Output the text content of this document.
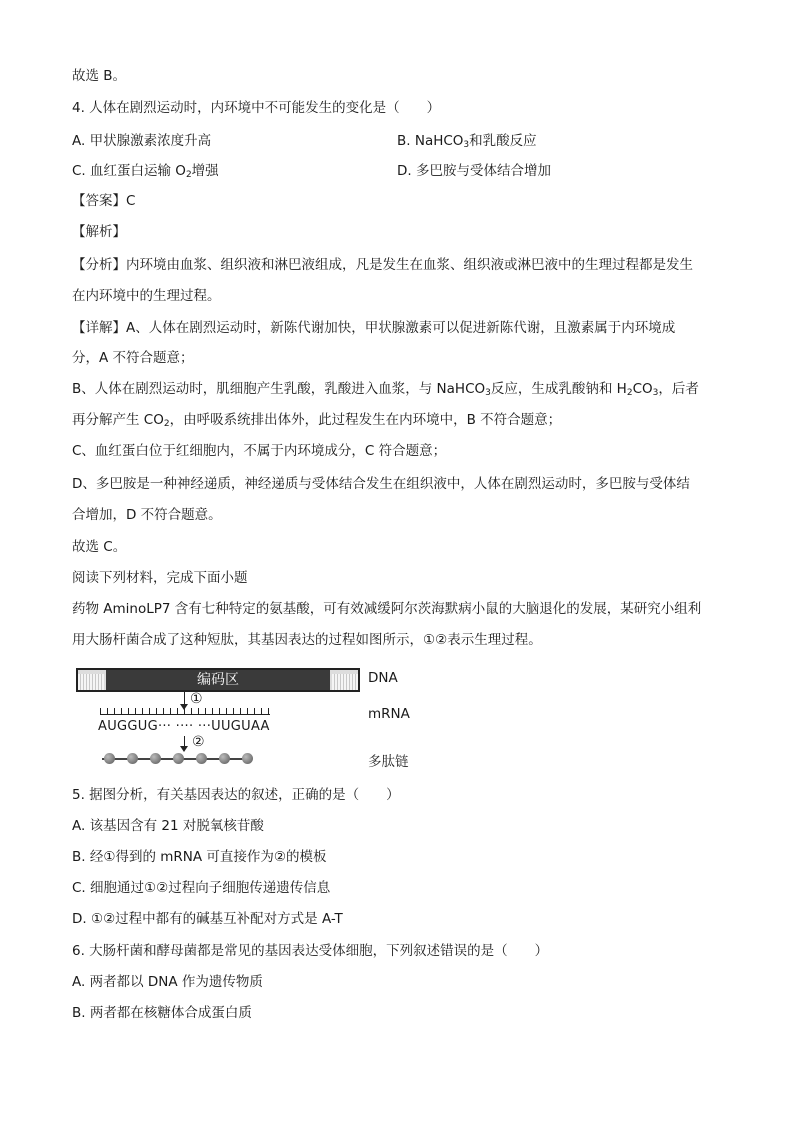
故选 B。
4. 人体在剧烈运动时，内环境中不可能发生的变化是（　　）
A. 甲状腺激素浓度升高	B. NaHCO$_3$和乳酸反应
C. 血红蛋白运输 $O_2$增强	D. 多巴胺与受体结合增加
【答案】C
【解析】
【分析】内环境由血浆、组织液和淋巴液组成，凡是发生在血浆、组织液或淋巴液中的生理过程都是发生
在内环境中的生理过程。
【详解】A、人体在剧烈运动时，新陈代谢加快，甲状腺激素可以促进新陈代谢，且激素属于内环境成
分，A 不符合题意；
B、人体在剧烈运动时，肌细胞产生乳酸，乳酸进入血浆，与 NaHCO$_3$反应，生成乳酸钠和 $H_2CO_3$，后者
再分解产生 $CO_2$，由呼吸系统排出体外，此过程发生在内环境中，B 不符合题意；
C、血红蛋白位于红细胞内，不属于内环境成分，C 符合题意；
D、多巴胺是一种神经递质，神经递质与受体结合发生在组织液中，人体在剧烈运动时，多巴胺与受体结
合增加，D 不符合题意。
故选 C。
阅读下列材料，完成下面小题
药物 AminoLP7 含有七种特定的氨基酸，可有效减缓阿尔茨海默病小鼠的大脑退化的发展，某研究小组利
用大肠杆菌合成了这种短肽，其基因表达的过程如图所示，①②表示生理过程。
编码区	DNA
①
mRNA
AUGGUG··· ···· ···UUGUAA
②
多肽链
5. 据图分析，有关基因表达的叙述，正确的是（　　）
A. 该基因含有 21 对脱氧核苷酸
B. 经①得到的 mRNA 可直接作为②的模板
C. 细胞通过①②过程向子细胞传递遗传信息
D. ①②过程中都有的碱基互补配对方式是 A-T
6. 大肠杆菌和酵母菌都是常见的基因表达受体细胞，下列叙述错误的是（　　）
A. 两者都以 DNA 作为遗传物质
B. 两者都在核糖体合成蛋白质
